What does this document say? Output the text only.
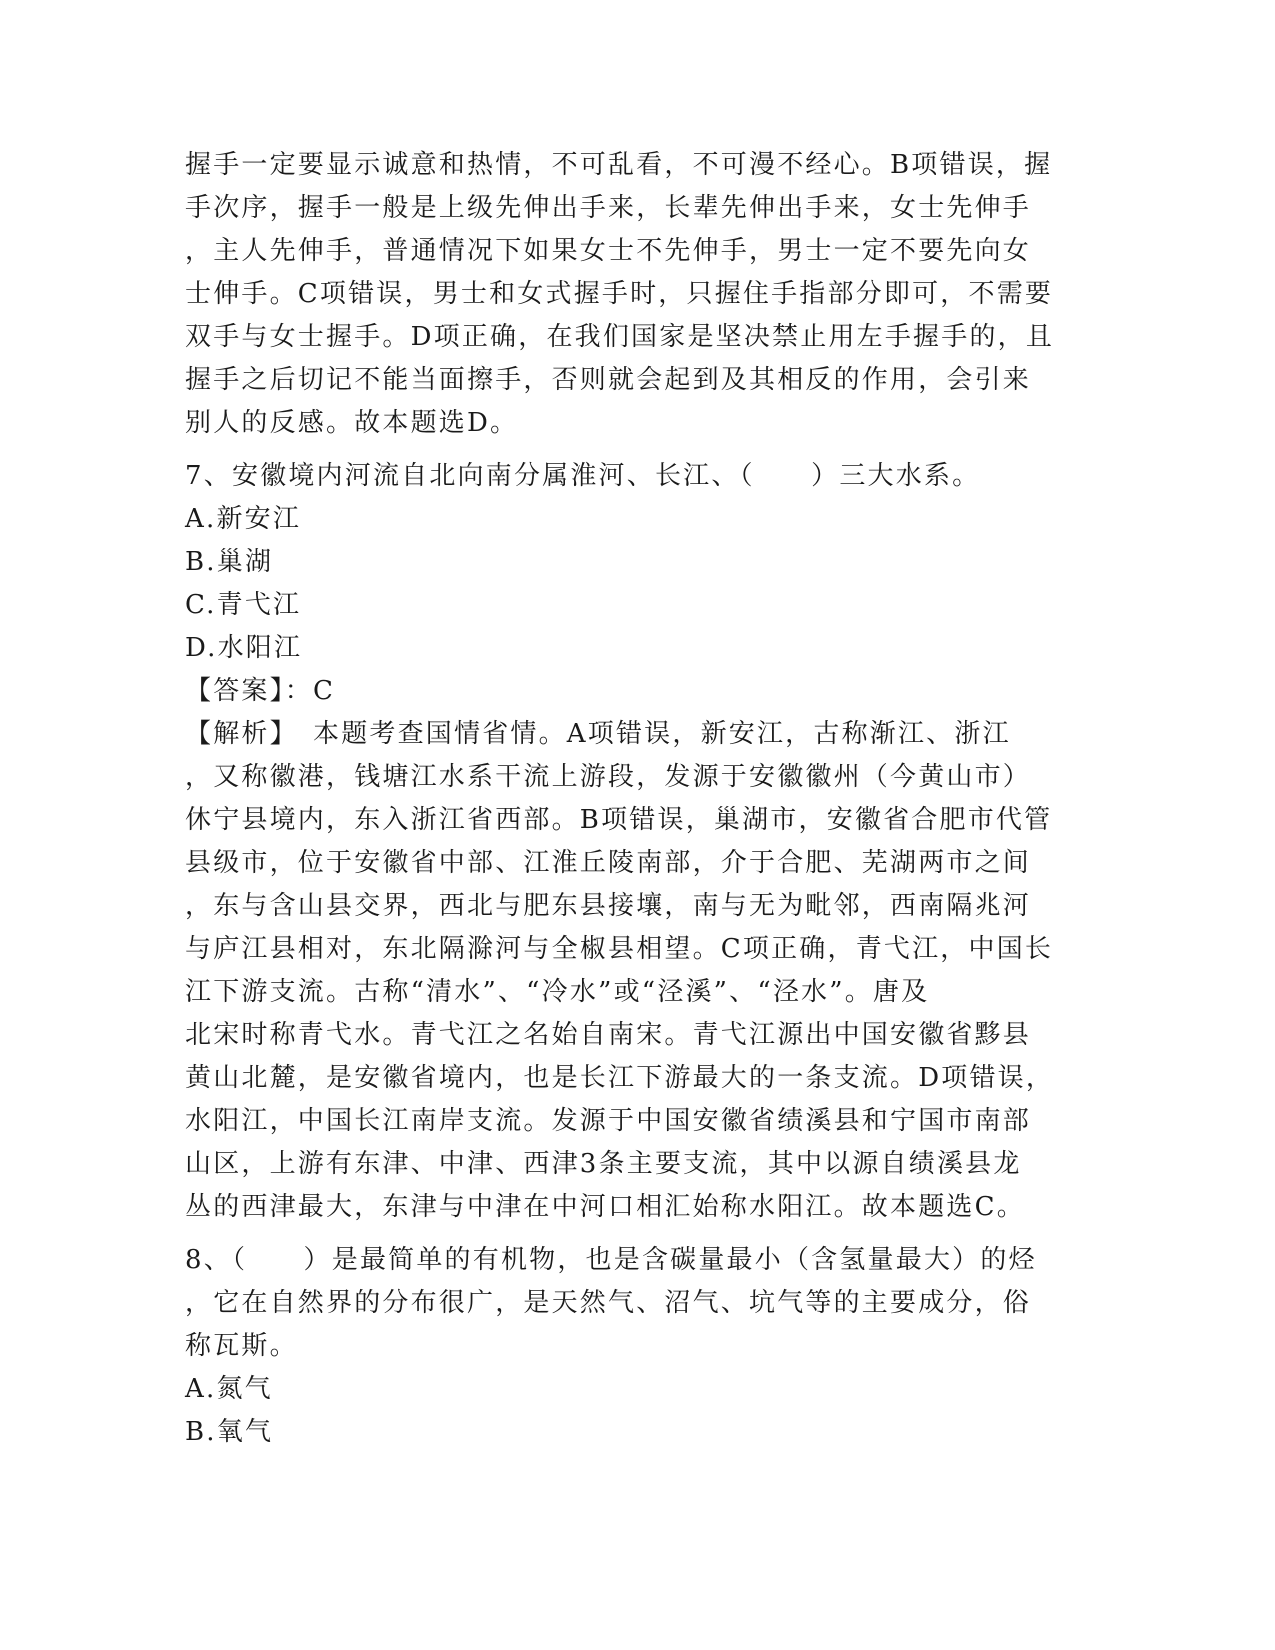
握手一定要显示诚意和热情，不可乱看，不可漫不经心。B项错误，握
手次序，握手一般是上级先伸出手来，长辈先伸出手来，女士先伸手
，主人先伸手，普通情况下如果女士不先伸手，男士一定不要先向女
士伸手。C项错误，男士和女式握手时，只握住手指部分即可，不需要
双手与女士握手。D项正确，在我们国家是坚决禁止用左手握手的，且
握手之后切记不能当面擦手，否则就会起到及其相反的作用，会引来
别人的反感。故本题选D。
7、安徽境内河流自北向南分属淮河、长江、（　　）三大水系。
A.新安江
B.巢湖
C.青弋江
D.水阳江
【答案】：C
【解析】　本题考查国情省情。A项错误，新安江，古称渐江、浙江
，又称徽港，钱塘江水系干流上游段，发源于安徽徽州（今黄山市）
休宁县境内，东入浙江省西部。B项错误，巢湖市，安徽省合肥市代管
县级市，位于安徽省中部、江淮丘陵南部，介于合肥、芜湖两市之间
，东与含山县交界，西北与肥东县接壤，南与无为毗邻，西南隔兆河
与庐江县相对，东北隔滁河与全椒县相望。C项正确，青弋江，中国长
江下游支流。古称“清水”、“冷水”或“泾溪”、“泾水”。唐及
北宋时称青弋水。青弋江之名始自南宋。青弋江源出中国安徽省黟县
黄山北麓，是安徽省境内，也是长江下游最大的一条支流。D项错误，
水阳江，中国长江南岸支流。发源于中国安徽省绩溪县和宁国市南部
山区，上游有东津、中津、西津3条主要支流，其中以源自绩溪县龙
丛的西津最大，东津与中津在中河口相汇始称水阳江。故本题选C。
8、（　　）是最简单的有机物，也是含碳量最小（含氢量最大）的烃
，它在自然界的分布很广，是天然气、沼气、坑气等的主要成分，俗
称瓦斯。
A.氮气
B.氧气
